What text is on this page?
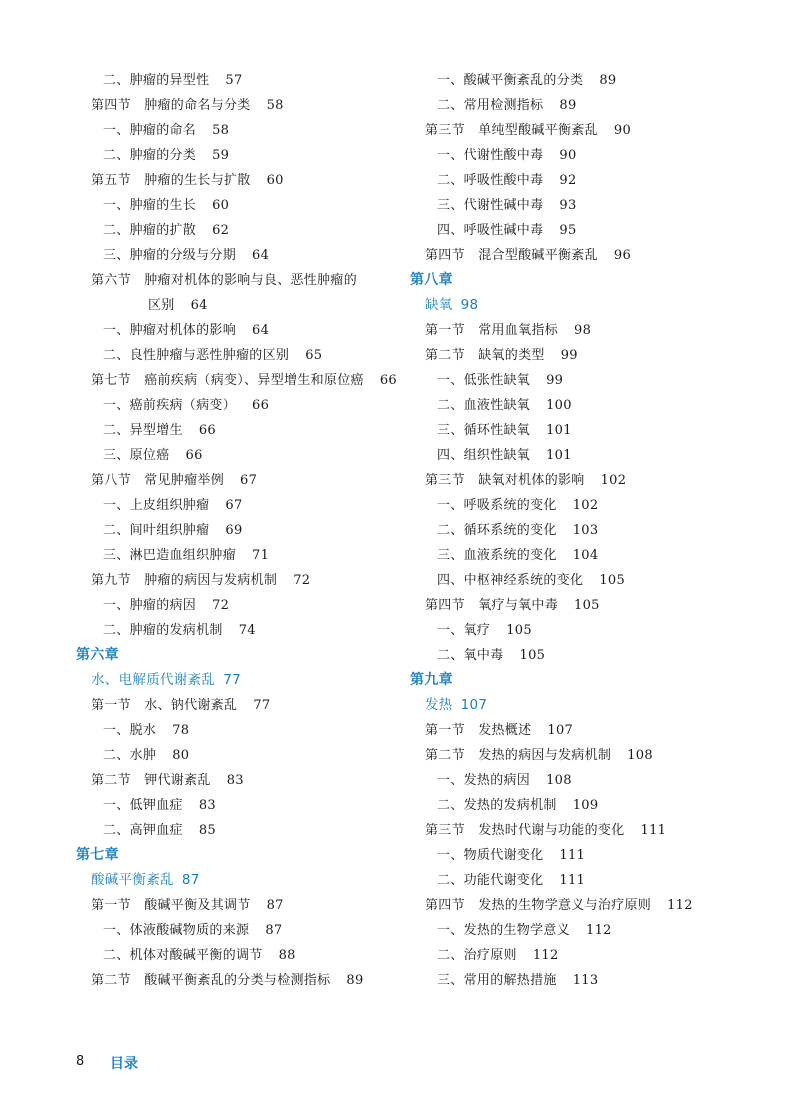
二、肿瘤的异型性 57
第四节　肿瘤的命名与分类 58
一、肿瘤的命名 58
二、肿瘤的分类 59
第五节　肿瘤的生长与扩散 60
一、肿瘤的生长 60
二、肿瘤的扩散 62
三、肿瘤的分级与分期 64
第六节　肿瘤对机体的影响与良、恶性肿瘤的
区别 64
一、肿瘤对机体的影响 64
二、良性肿瘤与恶性肿瘤的区别 65
第七节　癌前疾病（病变）、异型增生和原位癌 66
一、癌前疾病（病变） 66
二、异型增生 66
三、原位癌 66
第八节　常见肿瘤举例 67
一、上皮组织肿瘤 67
二、间叶组织肿瘤 69
三、淋巴造血组织肿瘤 71
第九节　肿瘤的病因与发病机制 72
一、肿瘤的病因 72
二、肿瘤的发病机制 74
第六章
水、电解质代谢紊乱 77
第一节　水、钠代谢紊乱 77
一、脱水 78
二、水肿 80
第二节　钾代谢紊乱 83
一、低钾血症 83
二、高钾血症 85
第七章
酸碱平衡紊乱 87
第一节　酸碱平衡及其调节 87
一、体液酸碱物质的来源 87
二、机体对酸碱平衡的调节 88
第二节　酸碱平衡紊乱的分类与检测指标 89
一、酸碱平衡紊乱的分类 89
二、常用检测指标 89
第三节　单纯型酸碱平衡紊乱 90
一、代谢性酸中毒 90
二、呼吸性酸中毒 92
三、代谢性碱中毒 93
四、呼吸性碱中毒 95
第四节　混合型酸碱平衡紊乱 96
第八章
缺氧 98
第一节　常用血氧指标 98
第二节　缺氧的类型 99
一、低张性缺氧 99
二、血液性缺氧 100
三、循环性缺氧 101
四、组织性缺氧 101
第三节　缺氧对机体的影响 102
一、呼吸系统的变化 102
二、循环系统的变化 103
三、血液系统的变化 104
四、中枢神经系统的变化 105
第四节　氧疗与氧中毒 105
一、氧疗 105
二、氧中毒 105
第九章
发热 107
第一节　发热概述 107
第二节　发热的病因与发病机制 108
一、发热的病因 108
二、发热的发病机制 109
第三节　发热时代谢与功能的变化 111
一、物质代谢变化 111
二、功能代谢变化 111
第四节　发热的生物学意义与治疗原则 112
一、发热的生物学意义 112
二、治疗原则 112
三、常用的解热措施 113
8 目录
